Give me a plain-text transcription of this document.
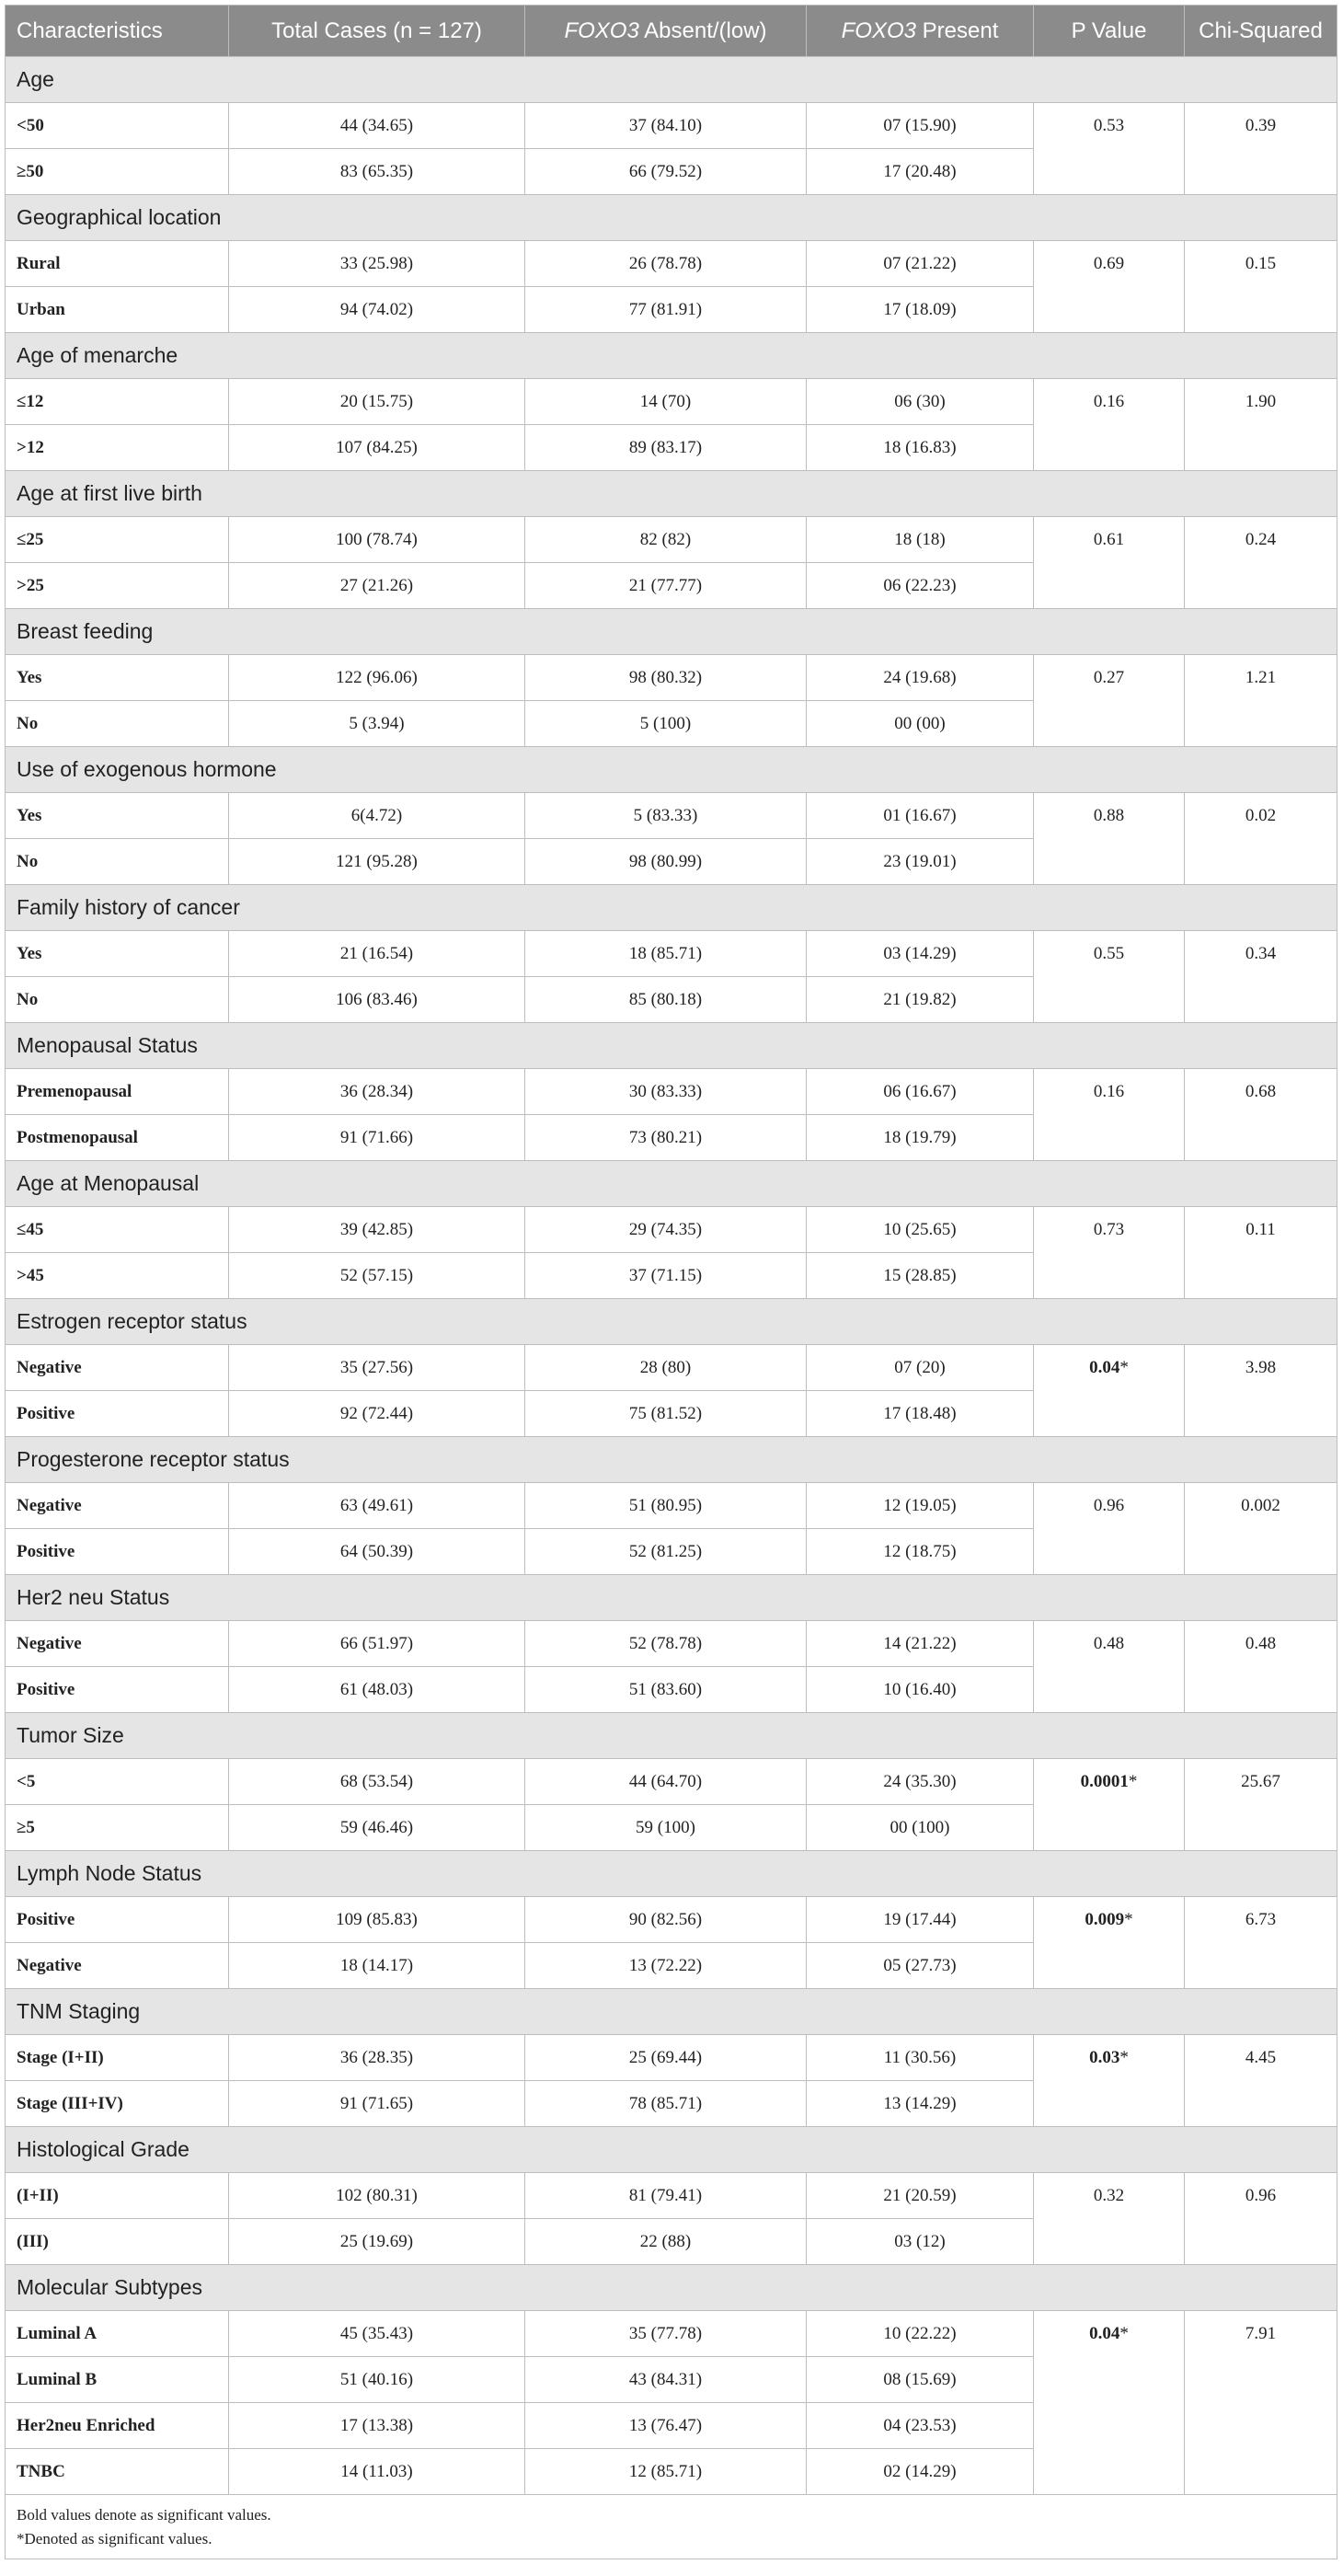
Characteristics	Total Cases (n = 127)	FOXO3 Absent/(low)	FOXO3 Present	P Value	Chi-Squared
Age					
<50	44 (34.65)	37 (84.10)	07 (15.90)	0.53	0.39
≥50	83 (65.35)	66 (79.52)	17 (20.48)		
Geographical location					
Rural	33 (25.98)	26 (78.78)	07 (21.22)	0.69	0.15
Urban	94 (74.02)	77 (81.91)	17 (18.09)		
Age of menarche					
≤12	20 (15.75)	14 (70)	06 (30)	0.16	1.90
>12	107 (84.25)	89 (83.17)	18 (16.83)		
Age at first live birth					
≤25	100 (78.74)	82 (82)	18 (18)	0.61	0.24
>25	27 (21.26)	21 (77.77)	06 (22.23)		
Breast feeding					
Yes	122 (96.06)	98 (80.32)	24 (19.68)	0.27	1.21
No	5 (3.94)	5 (100)	00 (00)		
Use of exogenous hormone					
Yes	6(4.72)	5 (83.33)	01 (16.67)	0.88	0.02
No	121 (95.28)	98 (80.99)	23 (19.01)		
Family history of cancer					
Yes	21 (16.54)	18 (85.71)	03 (14.29)	0.55	0.34
No	106 (83.46)	85 (80.18)	21 (19.82)		
Menopausal Status					
Premenopausal	36 (28.34)	30 (83.33)	06 (16.67)	0.16	0.68
Postmenopausal	91 (71.66)	73 (80.21)	18 (19.79)		
Age at Menopausal					
≤45	39 (42.85)	29 (74.35)	10 (25.65)	0.73	0.11
>45	52 (57.15)	37 (71.15)	15 (28.85)		
Estrogen receptor status					
Negative	35 (27.56)	28 (80)	07 (20)	0.04*	3.98
Positive	92 (72.44)	75 (81.52)	17 (18.48)		
Progesterone receptor status					
Negative	63 (49.61)	51 (80.95)	12 (19.05)	0.96	0.002
Positive	64 (50.39)	52 (81.25)	12 (18.75)		
Her2 neu Status					
Negative	66 (51.97)	52 (78.78)	14 (21.22)	0.48	0.48
Positive	61 (48.03)	51 (83.60)	10 (16.40)		
Tumor Size					
<5	68 (53.54)	44 (64.70)	24 (35.30)	0.0001*	25.67
≥5	59 (46.46)	59 (100)	00 (100)		
Lymph Node Status					
Positive	109 (85.83)	90 (82.56)	19 (17.44)	0.009*	6.73
Negative	18 (14.17)	13 (72.22)	05 (27.73)		
TNM Staging					
Stage (I+II)	36 (28.35)	25 (69.44)	11 (30.56)	0.03*	4.45
Stage (III+IV)	91 (71.65)	78 (85.71)	13 (14.29)		
Histological Grade					
(I+II)	102 (80.31)	81 (79.41)	21 (20.59)	0.32	0.96
(III)	25 (19.69)	22 (88)	03 (12)		
Molecular Subtypes					
Luminal A	45 (35.43)	35 (77.78)	10 (22.22)	0.04*	7.91
Luminal B	51 (40.16)	43 (84.31)	08 (15.69)		
Her2neu Enriched	17 (13.38)	13 (76.47)	04 (23.53)		
TNBC	14 (11.03)	12 (85.71)	02 (14.29)		

Bold values denote as significant values.
*Denoted as significant values.					
